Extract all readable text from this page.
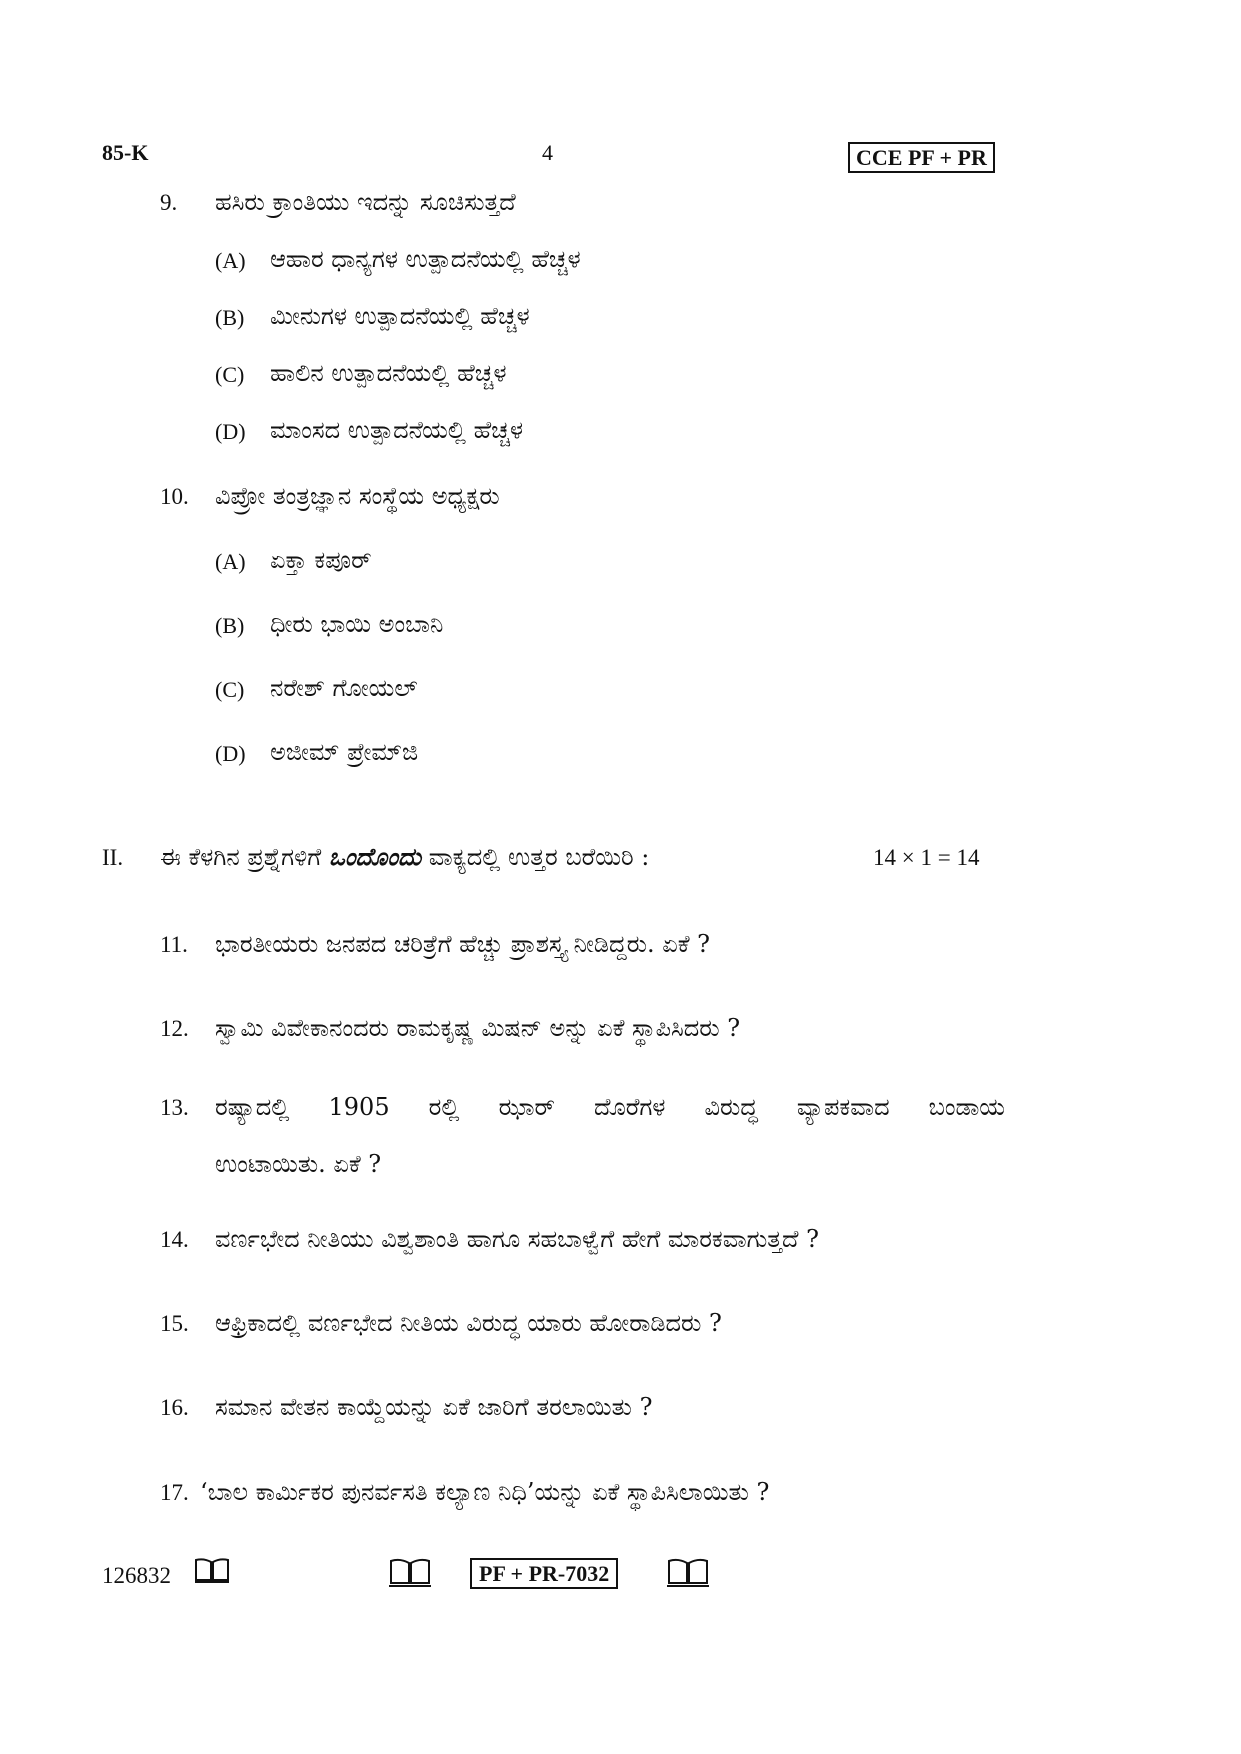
85-K	4	CCE PF + PR
9. ಹಸಿರು ಕ್ರಾಂತಿಯು ಇದನ್ನು ಸೂಚಿಸುತ್ತದೆ
(A) ಆಹಾರ ಧಾನ್ಯಗಳ ಉತ್ಪಾದನೆಯಲ್ಲಿ ಹೆಚ್ಚಳ
(B) ಮೀನುಗಳ ಉತ್ಪಾದನೆಯಲ್ಲಿ ಹೆಚ್ಚಳ
(C) ಹಾಲಿನ ಉತ್ಪಾದನೆಯಲ್ಲಿ ಹೆಚ್ಚಳ
(D) ಮಾಂಸದ ಉತ್ಪಾದನೆಯಲ್ಲಿ ಹೆಚ್ಚಳ
10. ವಿಪ್ರೋ ತಂತ್ರಜ್ಞಾನ ಸಂಸ್ಥೆಯ ಅಧ್ಯಕ್ಷರು
(A) ಏಕ್ತಾ ಕಪೂರ್
(B) ಧೀರು ಭಾಯಿ ಅಂಬಾನಿ
(C) ನರೇಶ್ ಗೋಯಲ್
(D) ಅಜೀಮ್ ಪ್ರೇಮ್‌ಜಿ
II. ಈ ಕೆಳಗಿನ ಪ್ರಶ್ನೆಗಳಿಗೆ ಒಂದೊಂದು ವಾಕ್ಯದಲ್ಲಿ ಉತ್ತರ ಬರೆಯಿರಿ :	14 × 1 = 14
11. ಭಾರತೀಯರು ಜನಪದ ಚರಿತ್ರೆಗೆ ಹೆಚ್ಚು ಪ್ರಾಶಸ್ತ್ಯ ನೀಡಿದ್ದರು. ಏಕೆ ?
12. ಸ್ವಾಮಿ ವಿವೇಕಾನಂದರು ರಾಮಕೃಷ್ಣ ಮಿಷನ್ ಅನ್ನು ಏಕೆ ಸ್ಥಾಪಿಸಿದರು ?
13. ರಷ್ಯಾದಲ್ಲಿ 1905 ರಲ್ಲಿ ಝಾರ್ ದೊರೆಗಳ ವಿರುದ್ಧ ವ್ಯಾಪಕವಾದ ಬಂಡಾಯ
ಉಂಟಾಯಿತು. ಏಕೆ ?
14. ವರ್ಣಭೇದ ನೀತಿಯು ವಿಶ್ವಶಾಂತಿ ಹಾಗೂ ಸಹಬಾಳ್ವೆಗೆ ಹೇಗೆ ಮಾರಕವಾಗುತ್ತದೆ ?
15. ಆಫ್ರಿಕಾದಲ್ಲಿ ವರ್ಣಭೇದ ನೀತಿಯ ವಿರುದ್ಧ ಯಾರು ಹೋರಾಡಿದರು ?
16. ಸಮಾನ ವೇತನ ಕಾಯ್ದೆಯನ್ನು ಏಕೆ ಜಾರಿಗೆ ತರಲಾಯಿತು ?
17. ‘ಬಾಲ ಕಾರ್ಮಿಕರ ಪುನರ್ವಸತಿ ಕಲ್ಯಾಣ ನಿಧಿ’ಯನ್ನು ಏಕೆ ಸ್ಥಾಪಿಸಿಲಾಯಿತು ?
126832	PF + PR-7032
